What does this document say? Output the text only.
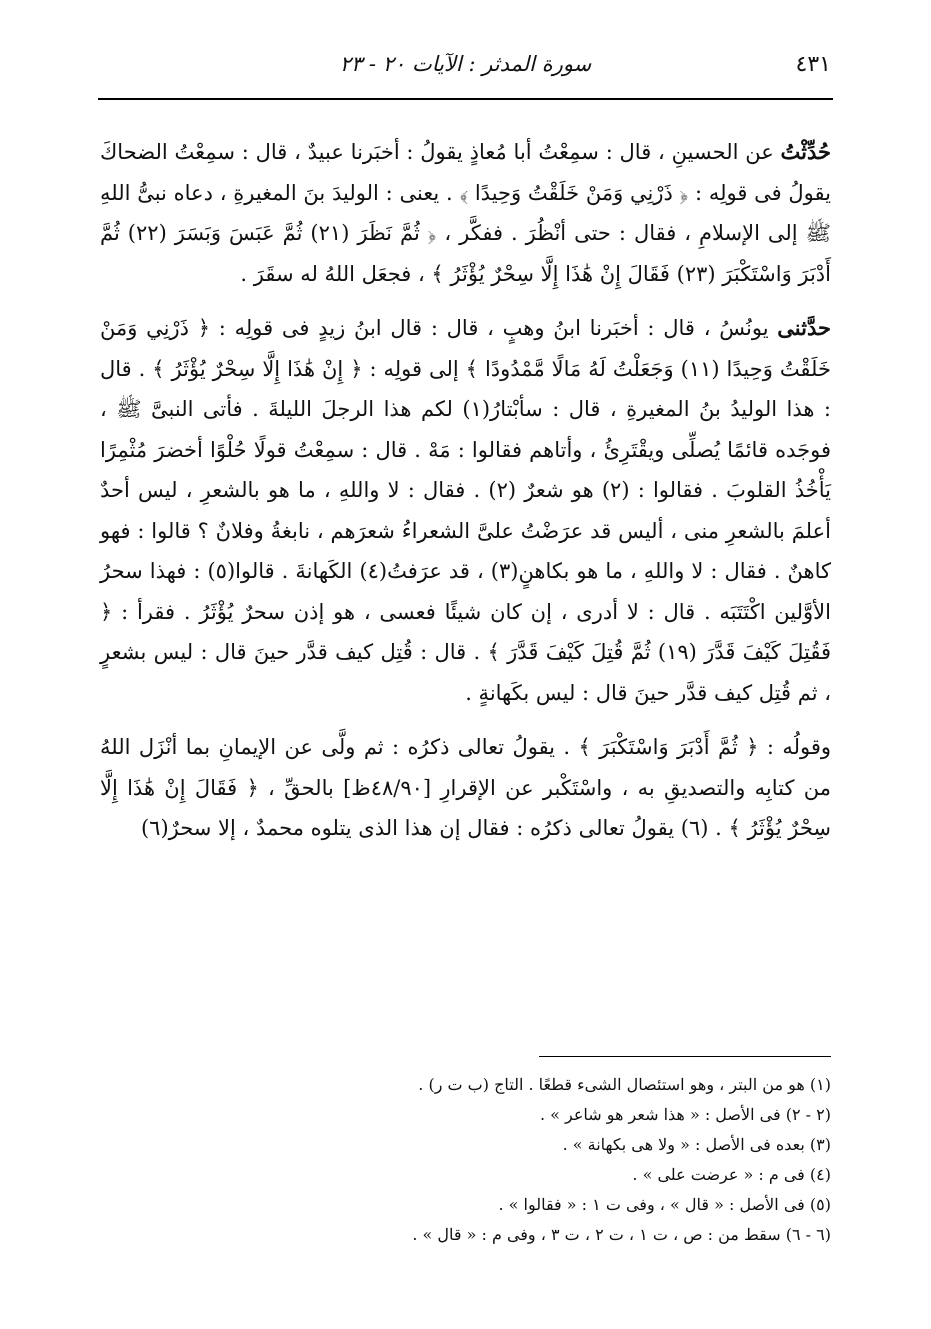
٤٣١
سورة المدثر : الآيات ٢٠ - ٢٣

حُدِّثْتُ عن الحسينِ ، قال : سمِعْتُ أبا مُعاذٍ يقولُ : أخبَرنا عبيدٌ ، قال : سمِعْتُ الضحاكَ يقولُ فى قولِه : ﴿ ذَرْنِي وَمَنْ خَلَقْتُ وَحِيدًا ﴾ . يعنى : الوليدَ بنَ المغيرةِ ، دعاه نبىُّ اللهِ ﷺ إلى الإسلامِ ، فقال : حتى أنْظُرَ . ففكَّر ، ﴿ ثُمَّ نَظَرَ (٢١) ثُمَّ عَبَسَ وَبَسَرَ (٢٢) ثُمَّ أَدْبَرَ وَاسْتَكْبَرَ (٢٣) فَقَالَ إِنْ هَٰذَا إِلَّا سِحْرٌ يُؤْثَرُ ﴾ ، فجعَل اللهُ له سقَرَ .

حدَّثنى يونُسُ ، قال : أخبَرنا ابنُ وهبٍ ، قال : قال ابنُ زيدٍ فى قولِه : ﴿ ذَرْنِي وَمَنْ خَلَقْتُ وَحِيدًا (١١) وَجَعَلْتُ لَهُ مَالًا مَّمْدُودًا ﴾ إلى قولِه : ﴿ إِنْ هَٰذَا إِلَّا سِحْرٌ يُؤْثَرُ ﴾ . قال : هذا الوليدُ بنُ المغيرةِ ، قال : سأبْتارُ(١) لكم هذا الرجلَ الليلةَ . فأتى النبىَّ ﷺ ، فوجَده قائمًا يُصلِّى ويقْتَرِئُ ، وأتاهم فقالوا : مَهْ . قال : سمِعْتُ قولًا حُلْوًا أخضرَ مُثْمِرًا يَأْخُذُ القلوبَ . فقالوا : (٢) هو شعرٌ (٢) . فقال : لا واللهِ ، ما هو بالشعرِ ، ليس أحدٌ أعلمَ بالشعرِ منى ، أليس قد عرَضْتُ علىَّ الشعراءُ شعرَهم ، نابغةُ وفلانٌ ؟ قالوا : فهو كاهنٌ . فقال : لا واللهِ ، ما هو بكاهنٍ(٣) ، قد عرَفتُ(٤) الكَهانةَ . قالوا(٥) : فهذا سحرُ الأوَّلين اكْتَتَبَه . قال : لا أدرى ، إن كان شيئًا فعسى ، هو إذن سحرٌ يُؤْثَرُ . فقرأ : ﴿ فَقُتِلَ كَيْفَ قَدَّرَ (١٩) ثُمَّ قُتِلَ كَيْفَ قَدَّرَ ﴾ . قال : قُتِل كيف قدَّر حينَ قال : ليس بشعرٍ ، ثم قُتِل كيف قدَّر حينَ قال : ليس بكَهانةٍ .

وقولُه : ﴿ ثُمَّ أَدْبَرَ وَاسْتَكْبَرَ ﴾ . يقولُ تعالى ذكرُه : ثم ولَّى عن الإيمانِ بما أنْزَل اللهُ من كتابِه والتصديقِ به ، واسْتَكْبر عن الإقرارِ [٤٨/٩٠ظ] بالحقِّ ، ﴿ فَقَالَ إِنْ هَٰذَا إِلَّا سِحْرٌ يُؤْثَرُ ﴾ . (٦) يقولُ تعالى ذكرُه : فقال إن هذا الذى يتلوه محمدٌ ، إلا سحرٌ(٦)

(١) هو من البتر ، وهو استئصال الشىء قطعًا . التاج (ب ت ر) .

(٢ - ٢) فى الأصل : « هذا شعر هو شاعر » .

(٣) بعده فى الأصل : « ولا هى بكهانة » .

(٤) فى م : « عرضت على » .

(٥) فى الأصل : « قال » ، وفى ت ١ : « فقالوا » .

(٦ - ٦) سقط من : ص ، ت ١ ، ت ٢ ، ت ٣ ، وفى م : « قال » .
